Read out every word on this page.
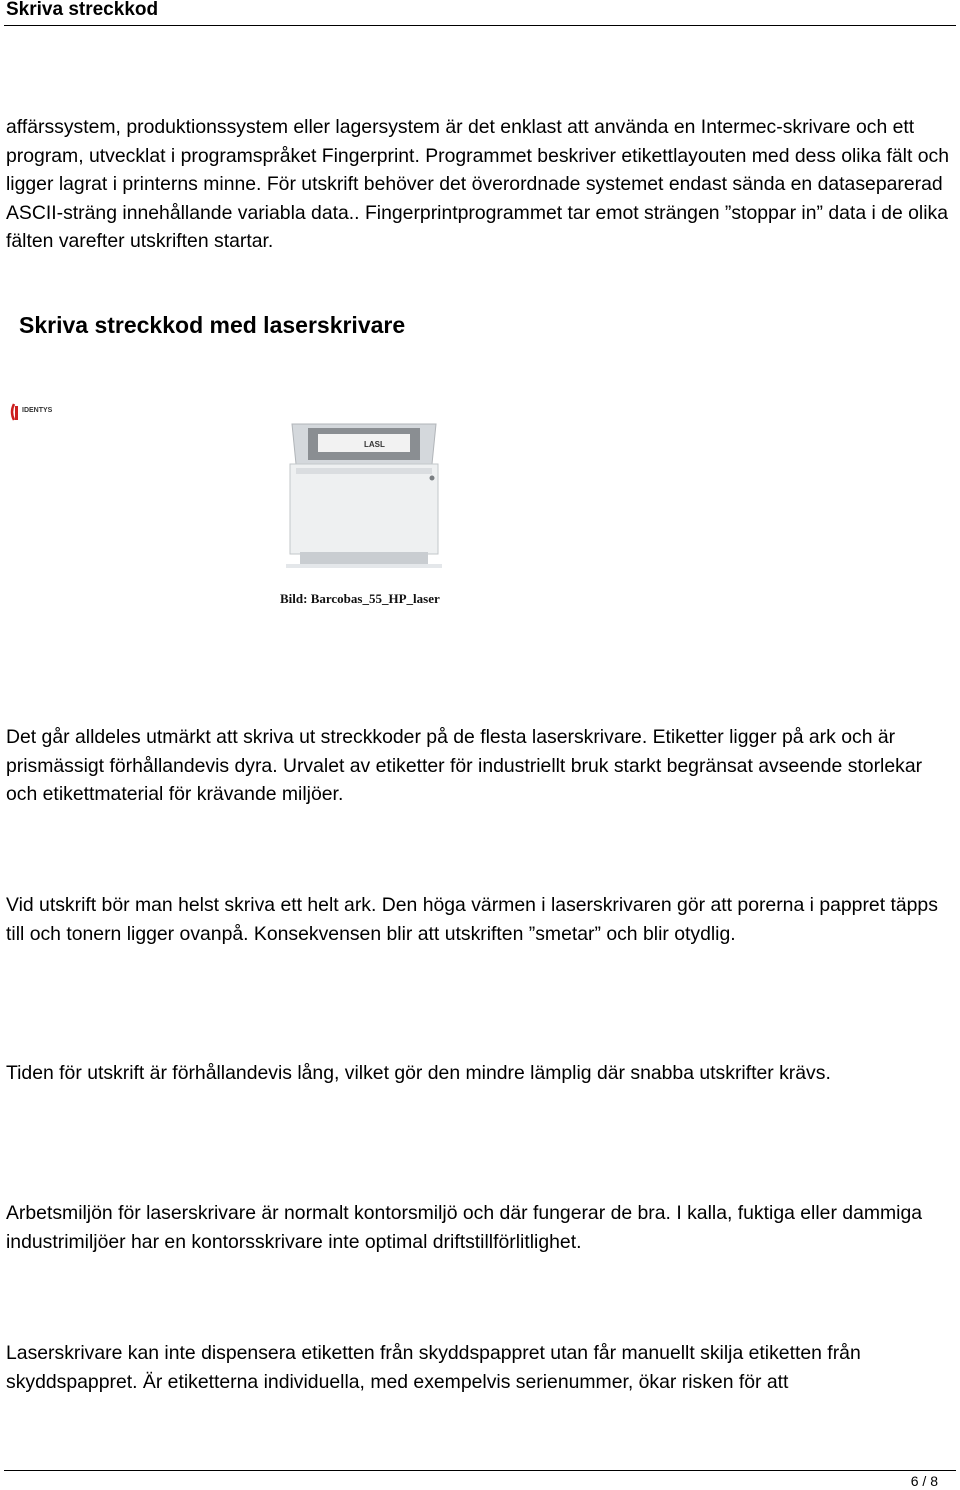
Skriva streckkod

affärssystem, produktionssystem eller lagersystem är det enklast att använda en Intermec-skrivare och ett program, utvecklat i programspråket Fingerprint. Programmet beskriver etikettlayouten med dess olika fält och ligger lagrat i printerns minne. För utskrift behöver det överordnade systemet endast sända en dataseparerad ASCII-sträng innehållande variabla data.. Fingerprintprogrammet tar emot strängen ”stoppar in” data i de olika fälten varefter utskriften startar.

Skriva streckkod med laserskrivare
IDENTYS
LASL
Bild: Barcobas_55_HP_laser

Det går alldeles utmärkt att skriva ut streckkoder på de flesta laserskrivare. Etiketter ligger på ark och är prismässigt förhållandevis dyra. Urvalet av etiketter för industriellt bruk starkt begränsat avseende storlekar och etikettmaterial för krävande miljöer.

Vid utskrift bör man helst skriva ett helt ark. Den höga värmen i laserskrivaren gör att porerna i pappret täpps till och tonern ligger ovanpå. Konsekvensen blir att utskriften ”smetar” och blir otydlig.

Tiden för utskrift är förhållandevis lång, vilket gör den mindre lämplig där snabba utskrifter krävs.

Arbetsmiljön för laserskrivare är normalt kontorsmiljö och där fungerar de bra. I kalla, fuktiga eller dammiga industrimiljöer har en kontorsskrivare inte optimal driftstillförlitlighet.

Laserskrivare kan inte dispensera etiketten från skyddspappret utan får manuellt skilja etiketten från skyddspappret. Är etiketterna individuella, med exempelvis serienummer, ökar risken för att

6 / 8
